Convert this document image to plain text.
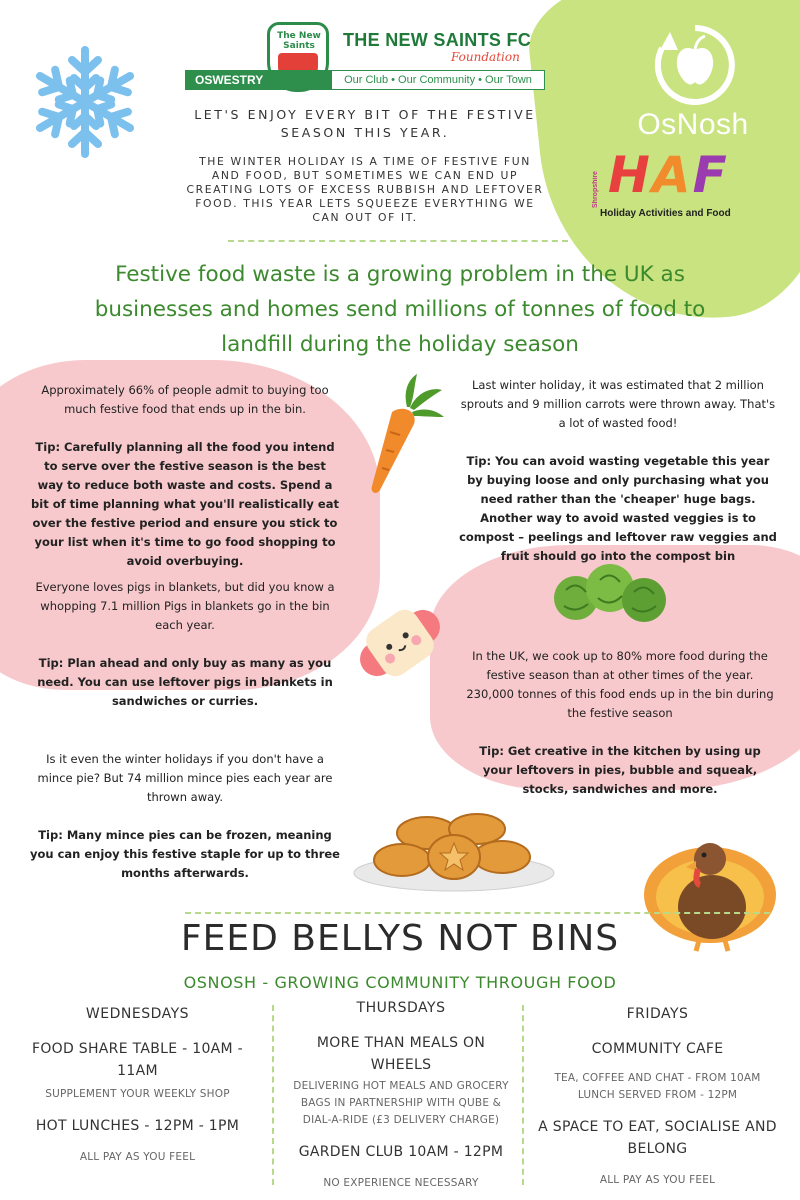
The New Saints	THE NEW SAINTS FC
Foundation
OSWESTRY	Our Club • Our Community • Our Town
LET'S ENJOY EVERY BIT OF THE FESTIVE SEASON THIS YEAR.
THE WINTER HOLIDAY IS A TIME OF FESTIVE FUN AND FOOD, BUT SOMETIMES WE CAN END UP CREATING LOTS OF EXCESS RUBBISH AND LEFTOVER FOOD. THIS YEAR LETS SQUEEZE EVERYTHING WE CAN OUT OF IT.
OsNosh
Shropshire HAF
Holiday Activities and Food
Festive food waste is a growing problem in the UK as businesses and homes send millions of tonnes of food to landfill during the holiday season
Approximately 66% of people admit to buying too much festive food that ends up in the bin.
Tip: Carefully planning all the food you intend to serve over the festive season is the best way to reduce both waste and costs. Spend a bit of time planning what you'll realistically eat over the festive period and ensure you stick to your list when it's time to go food shopping to avoid overbuying.
Everyone loves pigs in blankets, but did you know a whopping 7.1 million Pigs in blankets go in the bin each year.
Tip: Plan ahead and only buy as many as you need. You can use leftover pigs in blankets in sandwiches or curries.
Is it even the winter holidays if you don't have a mince pie? But 74 million mince pies each year are thrown away.
Tip: Many mince pies can be frozen, meaning you can enjoy this festive staple for up to three months afterwards.
Last winter holiday, it was estimated that 2 million sprouts and 9 million carrots were thrown away. That's a lot of wasted food!
Tip: You can avoid wasting vegetable this year by buying loose and only purchasing what you need rather than the 'cheaper' huge bags. Another way to avoid wasted veggies is to compost – peelings and leftover raw veggies and fruit should go into the compost bin
In the UK, we cook up to 80% more food during the festive season than at other times of the year. 230,000 tonnes of this food ends up in the bin during the festive season
Tip: Get creative in the kitchen by using up your leftovers in pies, bubble and squeak, stocks, sandwiches and more.
FEED BELLYS NOT BINS
OSNOSH - GROWING COMMUNITY THROUGH FOOD
WEDNESDAYS
FOOD SHARE TABLE - 10AM - 11AM
SUPPLEMENT YOUR WEEKLY SHOP
HOT LUNCHES - 12PM - 1PM
ALL PAY AS YOU FEEL
THURSDAYS
MORE THAN MEALS ON WHEELS
DELIVERING HOT MEALS AND GROCERY BAGS IN PARTNERSHIP WITH QUBE & DIAL-A-RIDE (£3 DELIVERY CHARGE)
GARDEN CLUB 10AM - 12PM
NO EXPERIENCE NECESSARY
FRIDAYS
COMMUNITY CAFE
TEA, COFFEE AND CHAT - FROM 10AM LUNCH SERVED FROM - 12PM
A SPACE TO EAT, SOCIALISE AND BELONG
ALL PAY AS YOU FEEL
